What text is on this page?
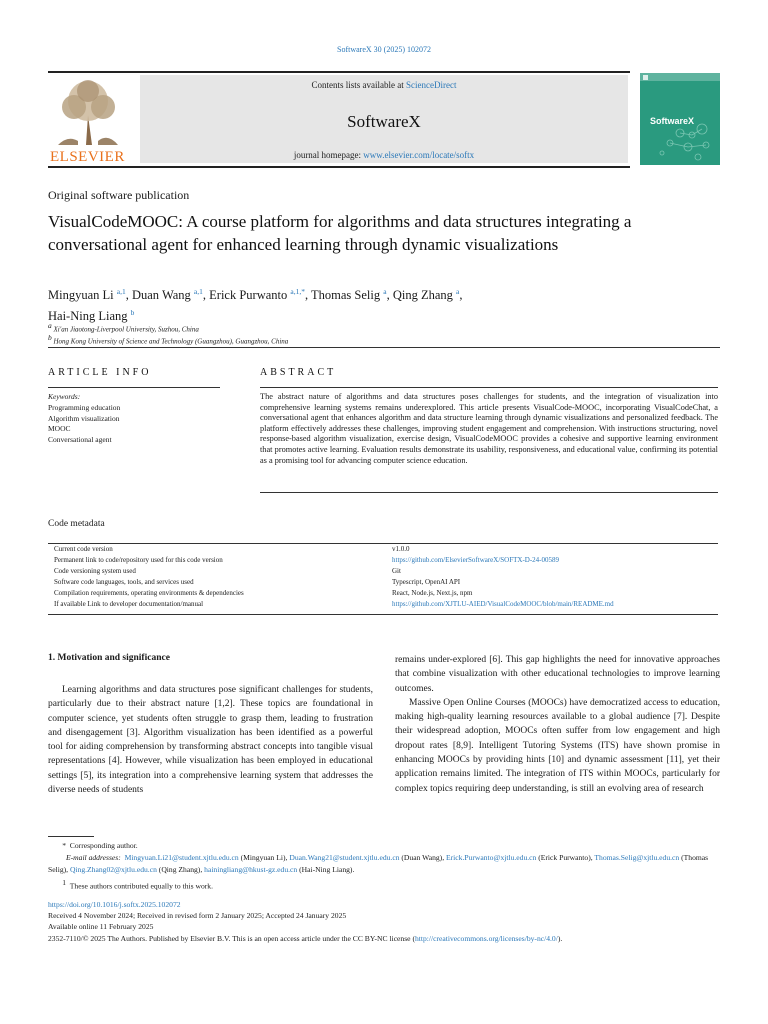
SoftwareX 30 (2025) 102072
ELSEVIER
Contents lists available at ScienceDirect
SoftwareX
journal homepage: www.elsevier.com/locate/softx
SoftwareX
Original software publication
VisualCodeMOOC: A course platform for algorithms and data structures integrating a conversational agent for enhanced learning through dynamic visualizations
Mingyuan Li $^{a,1}$, Duan Wang $^{a,1}$, Erick Purwanto $^{a,1,*}$, Thomas Selig $^a$, Qing Zhang $^a$,
Hai-Ning Liang $^b$
$^a$ Xi'an Jiaotong-Liverpool University, Suzhou, China
$^b$ Hong Kong University of Science and Technology (Guangzhou), Guangzhou, China
ARTICLE INFO
Keywords:
Programming education
Algorithm visualization
MOOC
Conversational agent
ABSTRACT
The abstract nature of algorithms and data structures poses challenges for students, and the integration of visualization into comprehensive learning systems remains underexplored. This article presents VisualCode-MOOC, incorporating VisualCodeChat, a conversational agent that enhances algorithm and data structure learning through dynamic visualizations and personalized feedback. The platform effectively addresses these challenges, improving student engagement and comprehension. With instructions structuring, novel response-based algorithm visualization, exercise design, VisualCodeMOOC provides a cohesive and supportive learning environment that promotes active learning. Evaluation results demonstrate its usability, responsiveness, and educational value, confirming its potential as a promising tool for advancing computer science education.
Code metadata
Current code version	v1.0.0
Permanent link to code/repository used for this code version	https://github.com/ElsevierSoftwareX/SOFTX-D-24-00589
Code versioning system used	Git
Software code languages, tools, and services used	Typescript, OpenAI API
Compilation requirements, operating environments & dependencies	React, Node.js, Next.js, npm
If available Link to developer documentation/manual	https://github.com/XJTLU-AIED/VisualCodeMOOC/blob/main/README.md
1. Motivation and significance

Learning algorithms and data structures pose significant challenges for students, particularly due to their abstract nature [1,2]. These topics are foundational in computer science, yet students often struggle to grasp them, leading to frustration and disengagement [3]. Algorithm visualization has been identified as a powerful tool for aiding comprehension by transforming abstract concepts into tangible visual representations [4]. However, while visualization has been employed in educational settings [5], its integration into a comprehensive learning system that addresses the diverse needs of students

remains under-explored [6]. This gap highlights the need for innovative approaches that combine visualization with other educational technologies to improve learning outcomes.

Massive Open Online Courses (MOOCs) have democratized access to education, making high-quality learning resources available to a global audience [7]. Despite their widespread adoption, MOOCs often suffer from low engagement and high dropout rates [8,9]. Intelligent Tutoring Systems (ITS) have shown promise in enhancing MOOCs by providing hints [10] and dynamic assessment [11], yet their application remains limited. The integration of ITS within MOOCs, particularly for complex topics requiring deep understanding, is still an evolving area of research

* Corresponding author.
E-mail addresses: Mingyuan.Li21@student.xjtlu.edu.cn (Mingyuan Li), Duan.Wang21@student.xjtlu.edu.cn (Duan Wang), Erick.Purwanto@xjtlu.edu.cn (Erick Purwanto), Thomas.Selig@xjtlu.edu.cn (Thomas Selig), Qing.Zhang02@xjtlu.edu.cn (Qing Zhang), hainingliang@hkust-gz.edu.cn (Hai-Ning Liang).
$^1$ These authors contributed equally to this work.
https://doi.org/10.1016/j.softx.2025.102072
Received 4 November 2024; Received in revised form 2 January 2025; Accepted 24 January 2025
Available online 11 February 2025
2352-7110/© 2025 The Authors. Published by Elsevier B.V. This is an open access article under the CC BY-NC license (http://creativecommons.org/licenses/by-nc/4.0/).
